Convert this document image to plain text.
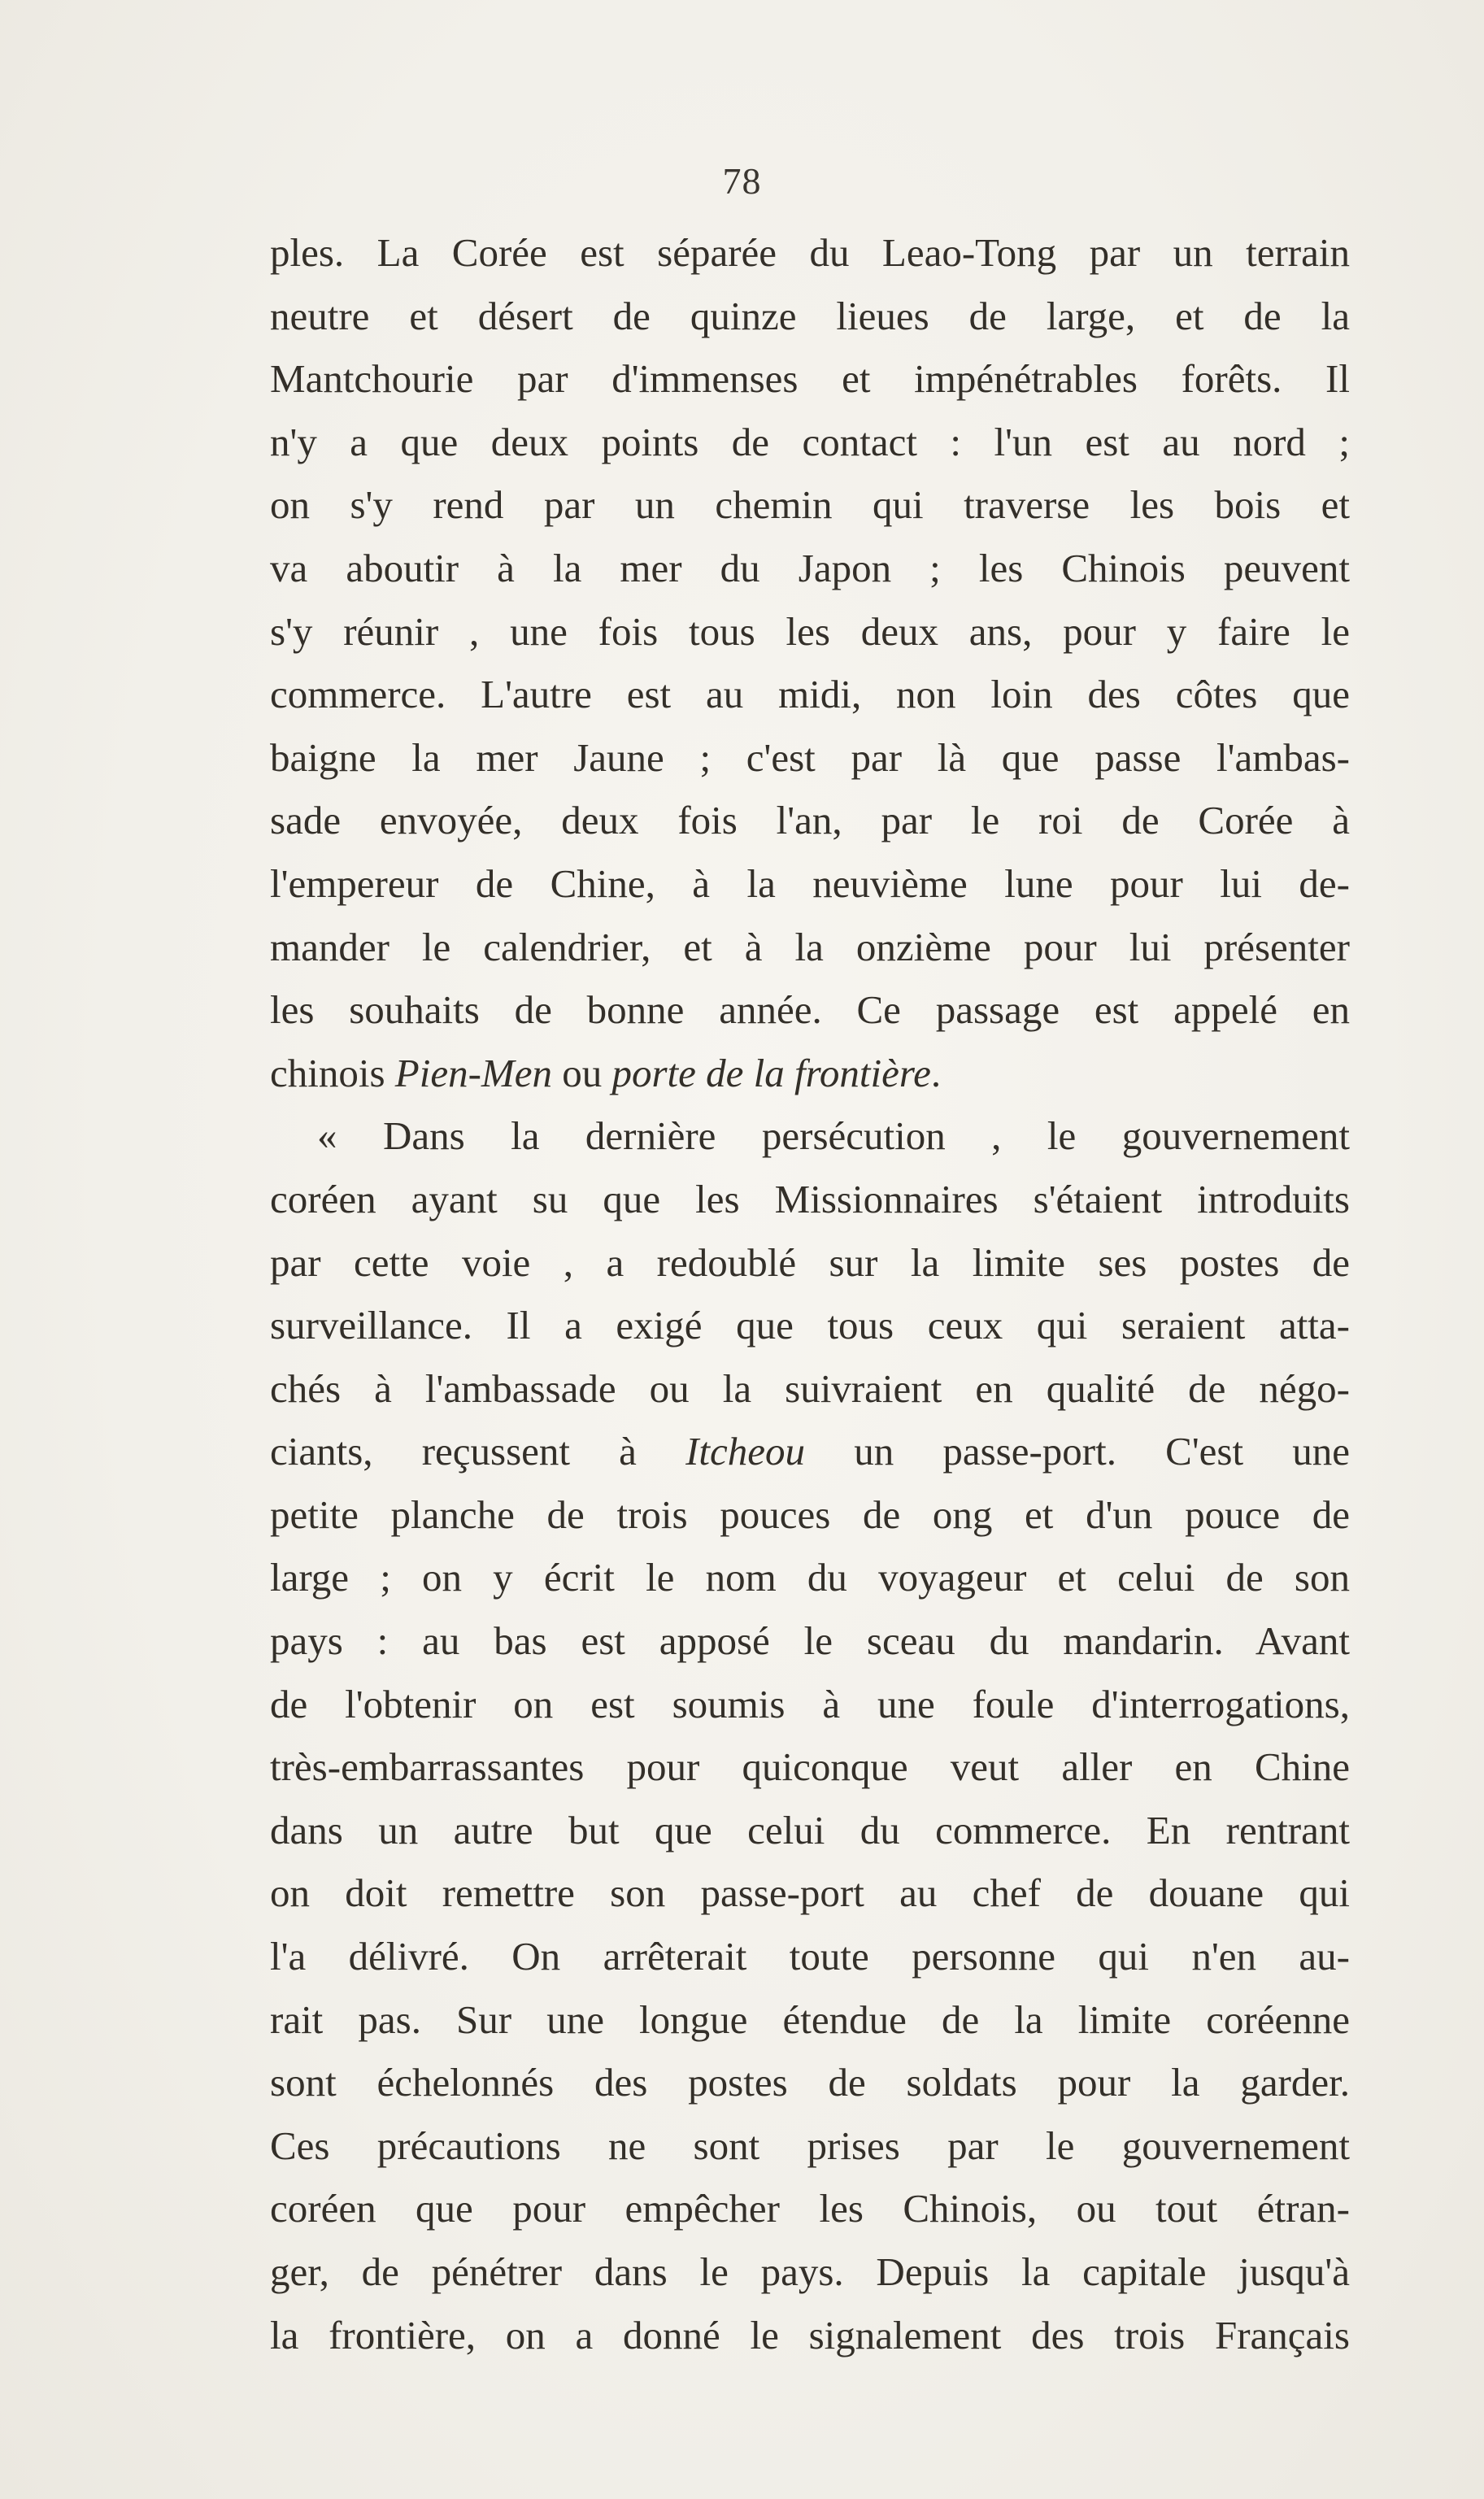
78
ples. La Corée est séparée du Leao-Tong par un terrain
neutre et désert de quinze lieues de large, et de la
Mantchourie par d'immenses et impénétrables forêts. Il
n'y a que deux points de contact : l'un est au nord ;
on s'y rend par un chemin qui traverse les bois et
va aboutir à la mer du Japon ; les Chinois peuvent
s'y réunir , une fois tous les deux ans, pour y faire le
commerce. L'autre est au midi, non loin des côtes que
baigne la mer Jaune ; c'est par là que passe l'ambas-
sade envoyée, deux fois l'an, par le roi de Corée à
l'empereur de Chine, à la neuvième lune pour lui de-
mander le calendrier, et à la onzième pour lui présenter
les souhaits de bonne année. Ce passage est appelé en
chinois Pien-Men ou porte de la frontière.
« Dans la dernière persécution , le gouvernement
coréen ayant su que les Missionnaires s'étaient introduits
par cette voie , a redoublé sur la limite ses postes de
surveillance. Il a exigé que tous ceux qui seraient atta-
chés à l'ambassade ou la suivraient en qualité de négo-
ciants, reçussent à Itcheou un passe-port. C'est une
petite planche de trois pouces de ong et d'un pouce de
large ; on y écrit le nom du voyageur et celui de son
pays : au bas est apposé le sceau du mandarin. Avant
de l'obtenir on est soumis à une foule d'interrogations,
très-embarrassantes pour quiconque veut aller en Chine
dans un autre but que celui du commerce. En rentrant
on doit remettre son passe-port au chef de douane qui
l'a délivré. On arrêterait toute personne qui n'en au-
rait pas. Sur une longue étendue de la limite coréenne
sont échelonnés des postes de soldats pour la garder.
Ces précautions ne sont prises par le gouvernement
coréen que pour empêcher les Chinois, ou tout étran-
ger, de pénétrer dans le pays. Depuis la capitale jusqu'à
la frontière, on a donné le signalement des trois Français
